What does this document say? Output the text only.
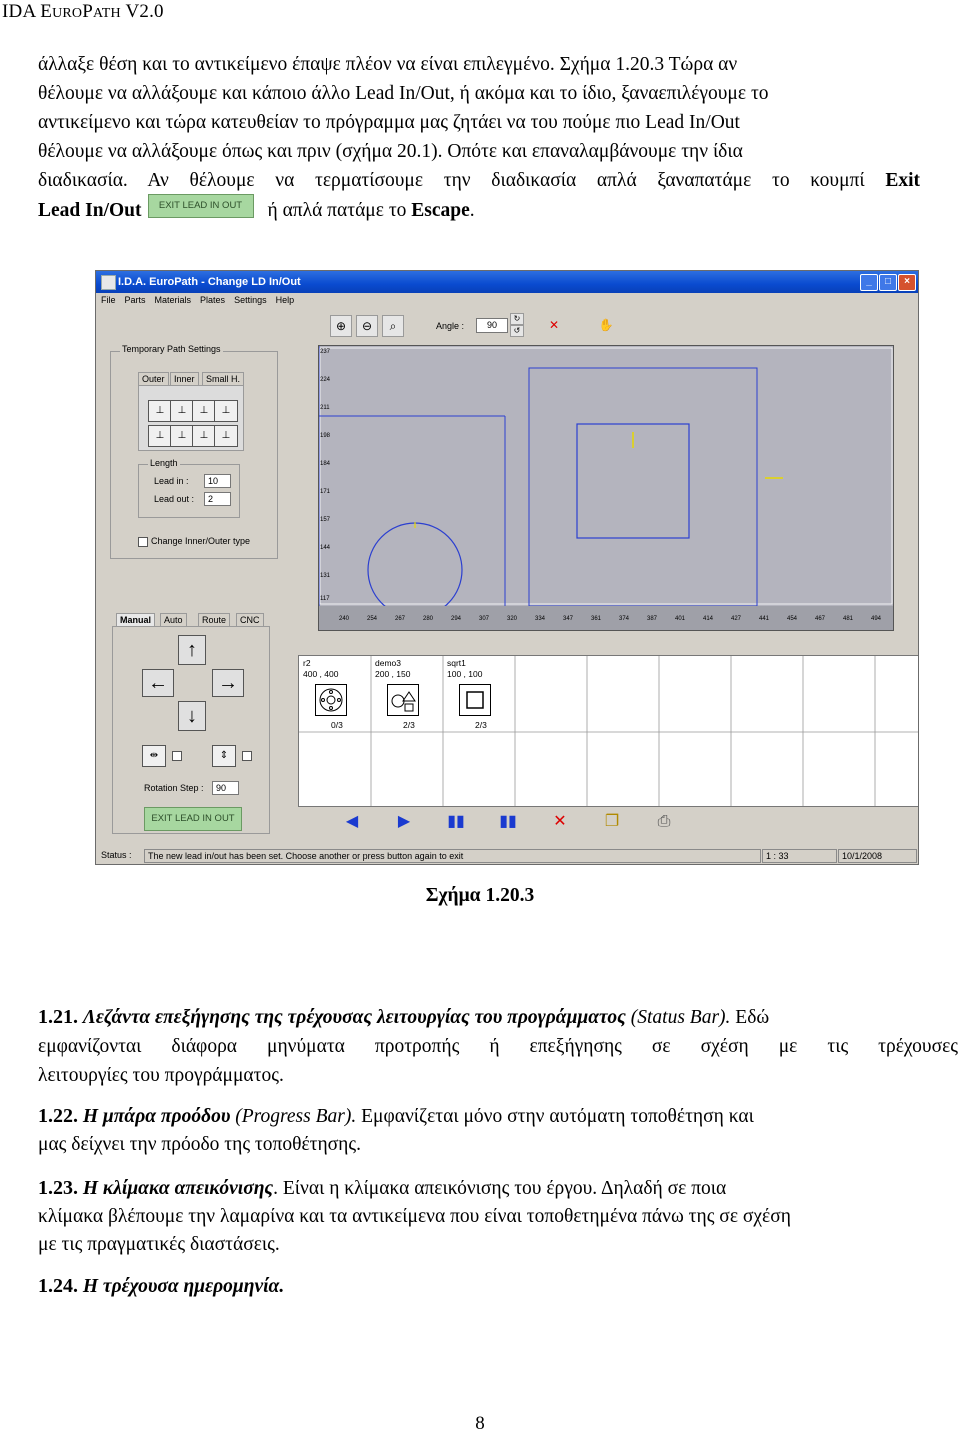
IDA EUROPATH V2.0
άλλαξε θέση και το αντικείμενο έπαψε πλέον να είναι επιλεγμένο. Σχήμα 1.20.3 Τώρα αν
θέλουμε να αλλάξουμε και κάποιο άλλο Lead In/Out, ή ακόμα και το ίδιο, ξαναεπιλέγουμε το
αντικείμενο και τώρα κατευθείαν το πρόγραμμα μας ζητάει να του πούμε πιο Lead In/Out
θέλουμε να αλλάξουμε όπως και πριν (σχήμα 20.1). Οπότε και επαναλαμβάνουμε την ίδια
διαδικασία. Αν θέλουμε να τερματίσουμε την διαδικασία απλά ξαναπατάμε το κουμπί Exit
Lead In/Out EXIT LEAD IN OUT ή απλά πατάμε το Escape.
I.D.A. EuroPath - Change LD In/Out	_	□	×
File Parts Materials Plates Settings Help
⊕	⊖	⌕	Angle :	90
↻
↺	✕	✋
Temporary Path Settings
Outer	Inner	Small H.
⊥	⊥	⊥	⊥
⊥	⊥	⊥	⊥
Length
Lead in :	10
Lead out :	2
Change Inner/Outer type
Manual	Auto	Route	CNC
↑
←	→
↓
⇹	⇕
Rotation Step :	90
EXIT LEAD IN OUT
237
224
211
198
184
171
157
144
131
117
240	254	267	280	294	307	320	334	347	361	374	387	401	414	427	441	454	467	481	494
r2
400 , 400
0/3
demo3
200 , 150
2/3
sqrt1
100 , 100
2/3
◀	▶	▮▮ ▮▮	✕	❐	⎙
Status :	The new lead in/out has been set. Choose another or press button again to exit	1 : 33	10/1/2008
Σχήμα 1.20.3
1.21. Λεζάντα επεξήγησης της τρέχουσας λειτουργίας του προγράμματος (Status Bar). Εδώ
εμφανίζονται διάφορα μηνύματα προτροπής ή επεξήγησης σε σχέση με τις τρέχουσες
λειτουργίες του προγράμματος.
1.22. Η μπάρα προόδου (Progress Bar). Εμφανίζεται μόνο στην αυτόματη τοποθέτηση και
μας δείχνει την πρόοδο της τοποθέτησης.
1.23. Η κλίμακα απεικόνισης. Είναι η κλίμακα απεικόνισης του έργου. Δηλαδή σε ποια
κλίμακα βλέπουμε την λαμαρίνα και τα αντικείμενα που είναι τοποθετημένα πάνω της σε σχέση
με τις πραγματικές διαστάσεις.
1.24. Η τρέχουσα ημερομηνία.
8
